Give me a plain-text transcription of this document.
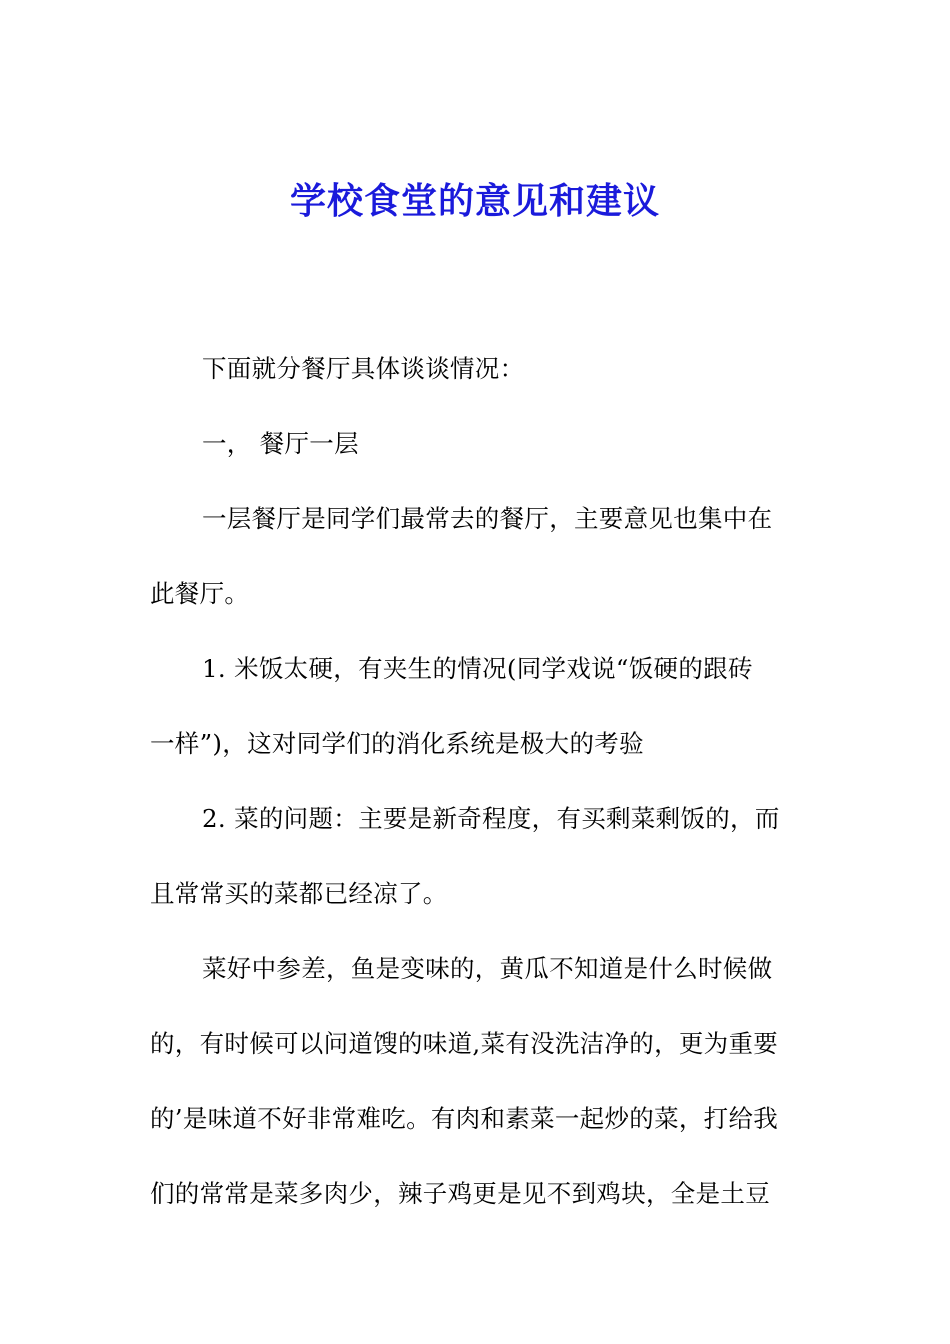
学校食堂的意见和建议
下面就分餐厅具体谈谈情况：
一， 餐厅一层
一层餐厅是同学们最常去的餐厅，主要意见也集中在
此餐厅。
1. 米饭太硬，有夹生的情况(同学戏说“饭硬的跟砖
一样”)，这对同学们的消化系统是极大的考验
2. 菜的问题：主要是新奇程度，有买剩菜剩饭的，而
且常常买的菜都已经凉了。
菜好中参差，鱼是变味的，黄瓜不知道是什么时候做
的，有时候可以问道馊的味道,菜有没洗洁净的，更为重要
的’是味道不好非常难吃。有肉和素菜一起炒的菜，打给我
们的常常是菜多肉少，辣子鸡更是见不到鸡块，全是土豆
